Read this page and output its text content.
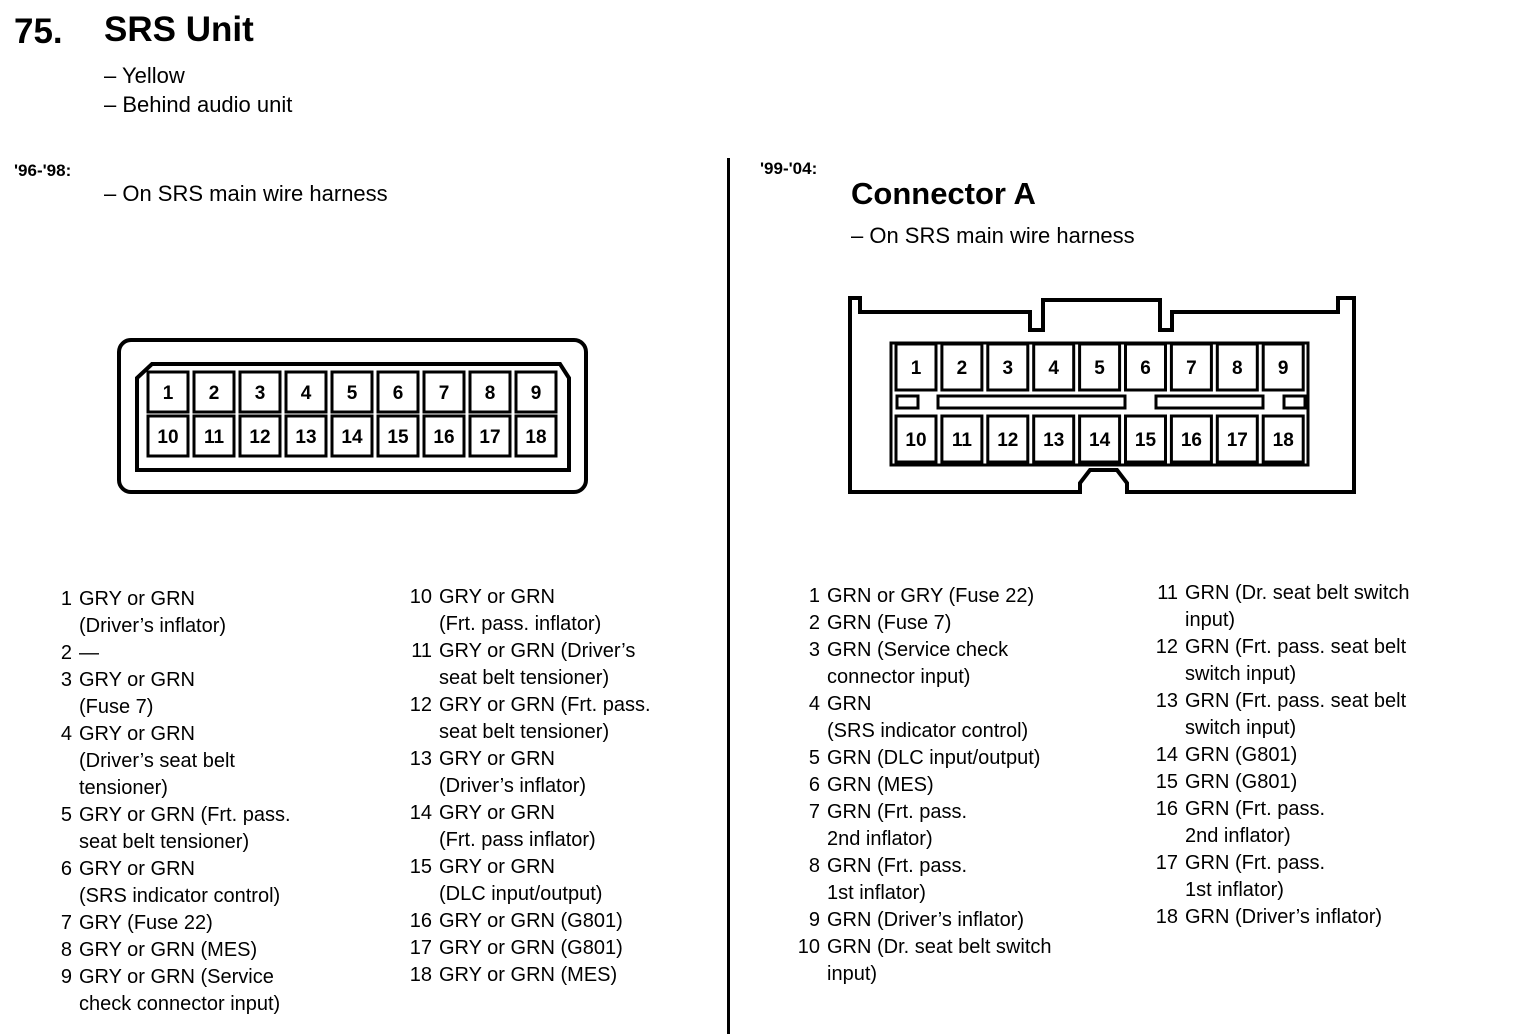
75. SRS Unit
– Yellow
– Behind audio unit
'96-'98:
– On SRS main wire harness
'99-'04:
Connector A
– On SRS main wire harness
1 2 3 4 5 6 7 8 9
10 11 12 13 14 15 16 17 18
1 2 3 4 5 6 7 8 9
10 11 12 13 14 15 16 17 18
1 GRY or GRN
(Driver’s inflator)
2 —
3 GRY or GRN
(Fuse 7)
4 GRY or GRN
(Driver’s seat belt
tensioner)
5 GRY or GRN (Frt. pass.
seat belt tensioner)
6 GRY or GRN
(SRS indicator control)
7 GRY (Fuse 22)
8 GRY or GRN (MES)
9 GRY or GRN (Service
check connector input)
10 GRY or GRN
(Frt. pass. inflator)
11 GRY or GRN (Driver’s
seat belt tensioner)
12 GRY or GRN (Frt. pass.
seat belt tensioner)
13 GRY or GRN
(Driver’s inflator)
14 GRY or GRN
(Frt. pass inflator)
15 GRY or GRN
(DLC input/output)
16 GRY or GRN (G801)
17 GRY or GRN (G801)
18 GRY or GRN (MES)
1 GRN or GRY (Fuse 22)
2 GRN (Fuse 7)
3 GRN (Service check
connector input)
4 GRN
(SRS indicator control)
5 GRN (DLC input/output)
6 GRN (MES)
7 GRN (Frt. pass.
2nd inflator)
8 GRN (Frt. pass.
1st inflator)
9 GRN (Driver’s inflator)
10 GRN (Dr. seat belt switch
input)
11 GRN (Dr. seat belt switch
input)
12 GRN (Frt. pass. seat belt
switch input)
13 GRN (Frt. pass. seat belt
switch input)
14 GRN (G801)
15 GRN (G801)
16 GRN (Frt. pass.
2nd inflator)
17 GRN (Frt. pass.
1st inflator)
18 GRN (Driver’s inflator)
